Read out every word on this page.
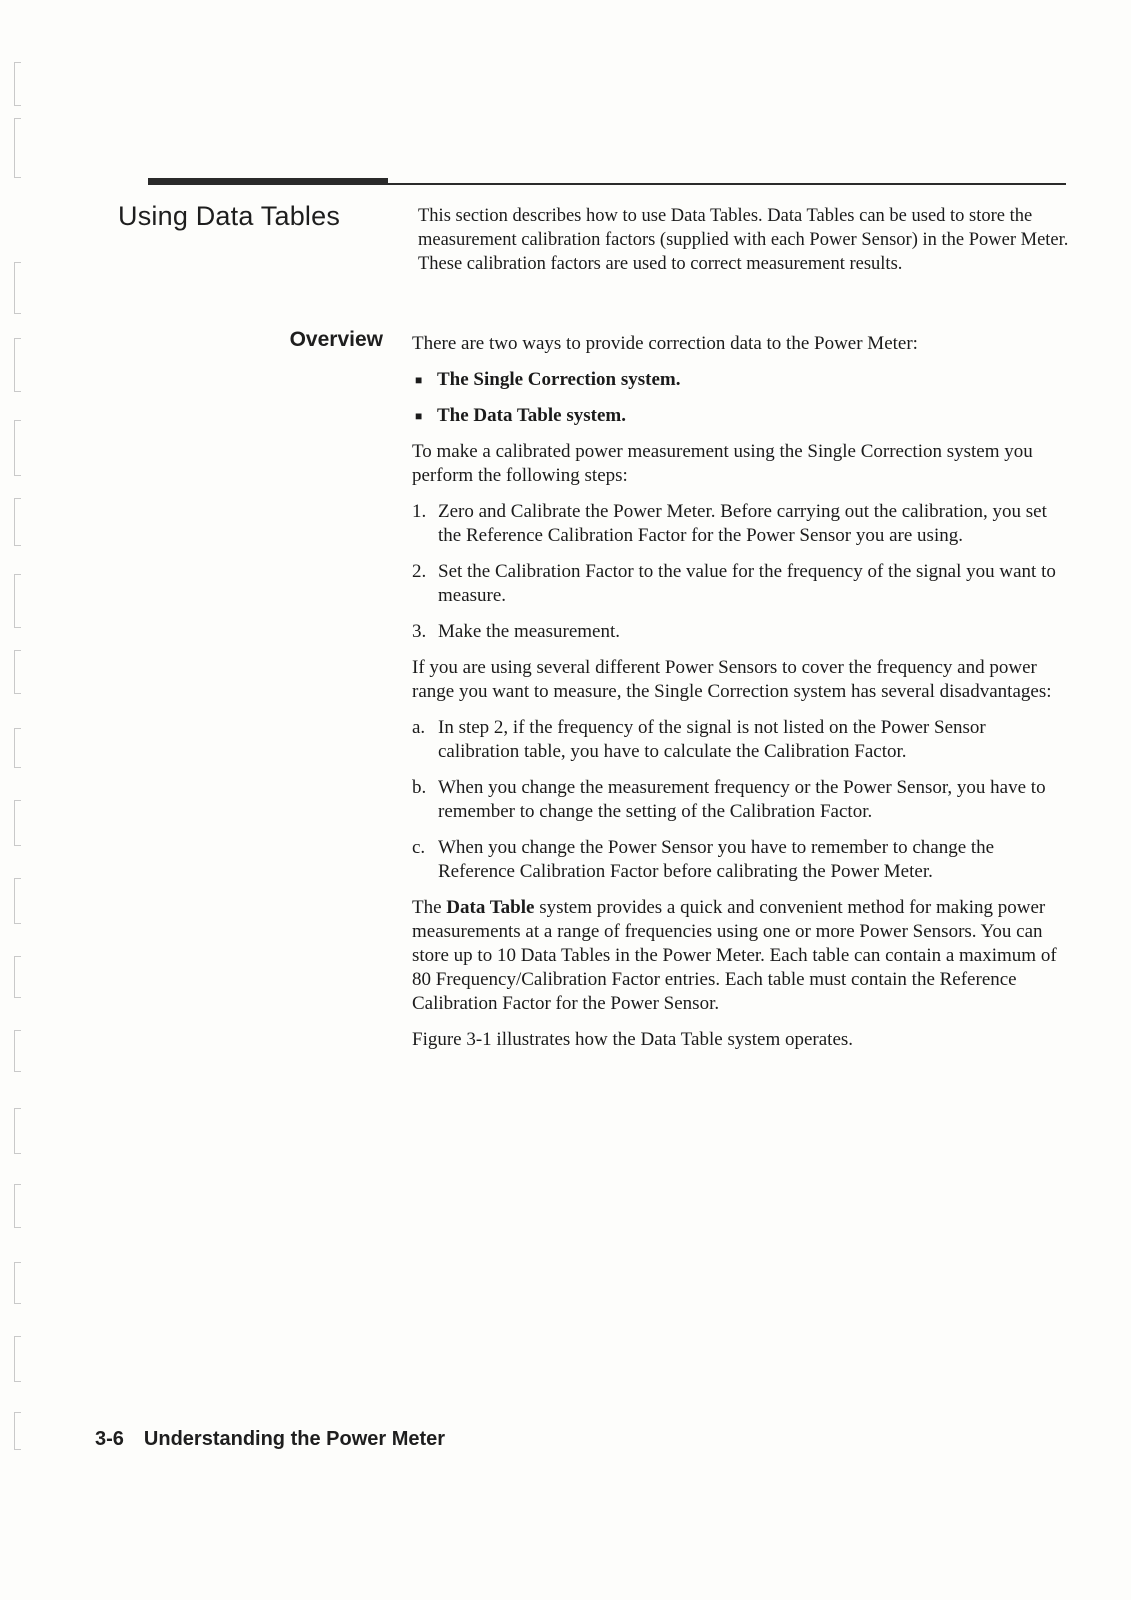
Using Data Tables	This section describes how to use Data Tables. Data Tables can be used to store the measurement calibration factors (supplied with each Power Sensor) in the Power Meter. These calibration factors are used to correct measurement results.

Overview There are two ways to provide correction data to the Power Meter:

■ The Single Correction system.
■ The Data Table system.

To make a calibrated power measurement using the Single Correction system you perform the following steps:

1. Zero and Calibrate the Power Meter. Before carrying out the calibration, you set the Reference Calibration Factor for the Power Sensor you are using.
2. Set the Calibration Factor to the value for the frequency of the signal you want to measure.
3. Make the measurement.

If you are using several different Power Sensors to cover the frequency and power range you want to measure, the Single Correction system has several disadvantages:

a. In step 2, if the frequency of the signal is not listed on the Power Sensor calibration table, you have to calculate the Calibration Factor.
b. When you change the measurement frequency or the Power Sensor, you have to remember to change the setting of the Calibration Factor.
c. When you change the Power Sensor you have to remember to change the Reference Calibration Factor before calibrating the Power Meter.

The Data Table system provides a quick and convenient method for making power measurements at a range of frequencies using one or more Power Sensors. You can store up to 10 Data Tables in the Power Meter. Each table can contain a maximum of 80 Frequency/Calibration Factor entries. Each table must contain the Reference Calibration Factor for the Power Sensor.

Figure 3-1 illustrates how the Data Table system operates.

3-6 Understanding the Power Meter
